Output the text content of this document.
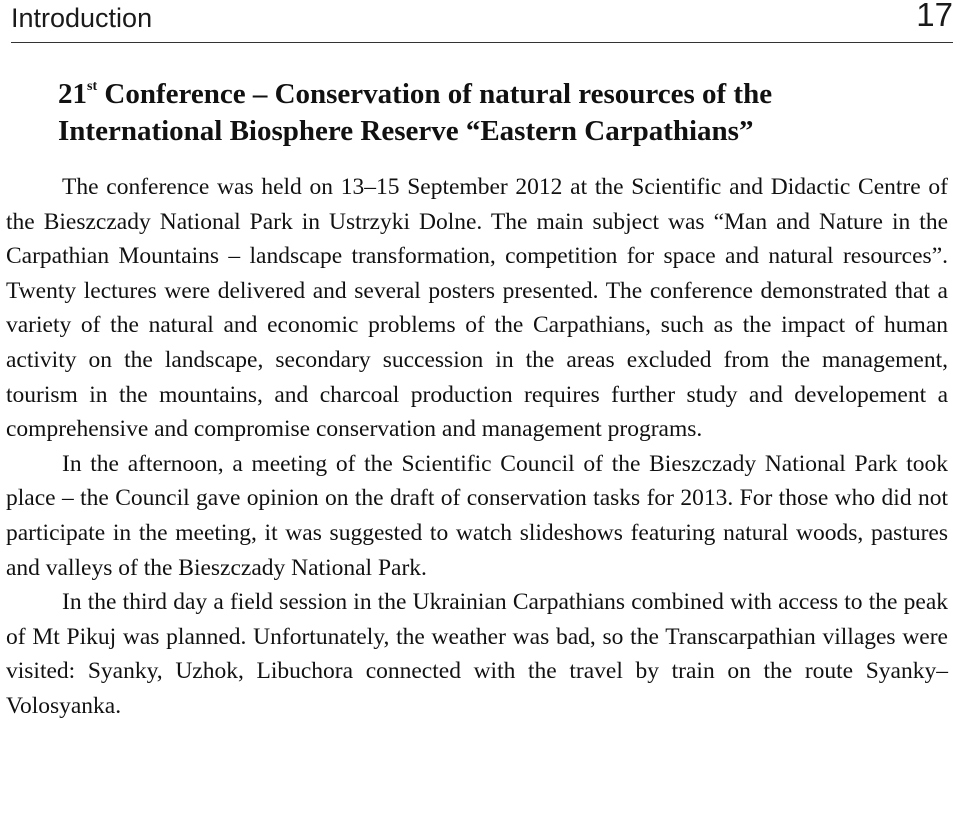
Introduction	17
21st Conference – Conservation of natural resources of the
International Biosphere Reserve “Eastern Carpathians”

The conference was held on 13–15 September 2012 at the Scientific and Didactic Centre of the Bieszczady National Park in Ustrzyki Dolne. The main subject was “Man and Nature in the Carpathian Mountains – landscape transformation, competition for space and natural resources”. Twenty lectures were delivered and several posters presented. The conference demonstrated that a variety of the natural and economic problems of the Carpathians, such as the impact of human activity on the landscape, secondary succession in the areas excluded from the management, tourism in the mountains, and charcoal production requires further study and developement a comprehensive and compromise conservation and management programs.

In the afternoon, a meeting of the Scientific Council of the Bieszczady National Park took place – the Council gave opinion on the draft of conservation tasks for 2013. For those who did not participate in the meeting, it was suggested to watch slideshows featuring natural woods, pastures and valleys of the Bieszczady National Park.

In the third day a field session in the Ukrainian Carpathians combined with access to the peak of Mt Pikuj was planned. Unfortunately, the weather was bad, so the Transcarpathian villages were visited: Syanky, Uzhok, Libuchora connected with the travel by train on the route Syanky–Volosyanka.
